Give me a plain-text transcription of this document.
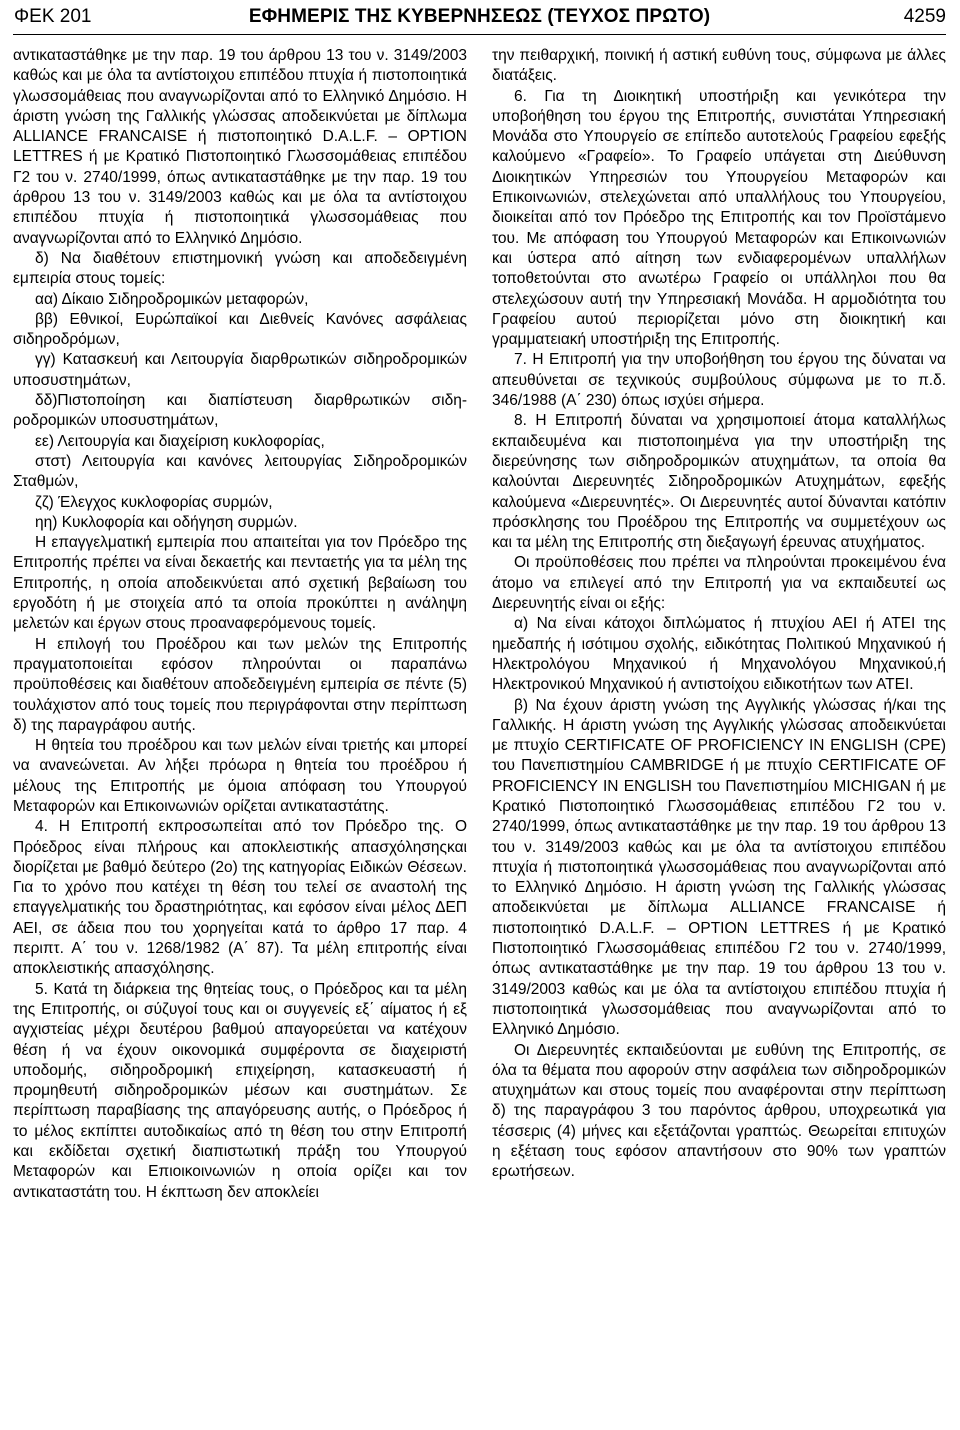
ΦΕΚ 201	ΕΦΗΜΕΡΙΣ ΤΗΣ ΚΥΒΕΡΝΗΣΕΩΣ (ΤΕΥΧΟΣ ΠΡΩΤΟ)	4259

αντικαταστάθηκε με την παρ. 19 του άρθρου 13 του ν. 3149/2003 καθώς και με όλα τα αντίστοιχου επιπέδου πτυχία ή πιστοποιητικά γλωσσομάθειας που αναγνωρίζονται από το Ελληνικό Δημόσιο. Η άριστη γνώση της Γαλλικής γλώσσας αποδεικνύεται με δίπλωμα ALLIANCE FRANCAISE ή πιστοποιητικό D.A.L.F. – OPTION LETTRES ή με Κρατικό Πιστοποιητικό Γλωσσομάθειας επιπέδου Γ2 του ν. 2740/1999, όπως αντικαταστάθηκε με την παρ. 19 του άρθρου 13 του ν. 3149/2003 καθώς και με όλα τα αντίστοιχου επιπέδου πτυχία ή πιστοποιητικά γλωσσομάθειας που αναγνωρίζονται από το Ελληνικό Δημόσιο.

δ) Να διαθέτουν επιστημονική γνώση και αποδεδειγμένη εμπειρία στους τομείς:

αα) Δίκαιο Σιδηροδρομικών μεταφορών,

ββ) Εθνικοί, Ευρώπαϊκοί και Διεθνείς Κανόνες ασφάλειας σιδηροδρόμων,

γγ) Κατασκευή και Λειτουργία διαρθρωτικών σιδηροδρομικών υποσυστημάτων,

δδ)Πιστοποίηση και διαπίστευση διαρθρωτικών σιδηροδρομικών υποσυστημάτων,

εε) Λειτουργία και διαχείριση κυκλοφορίας,

στστ) Λειτουργία και κανόνες λειτουργίας Σιδηροδρομικών Σταθμών,

ζζ) Έλεγχος κυκλοφορίας συρμών,

ηη) Κυκλοφορία και οδήγηση συρμών.

Η επαγγελματική εμπειρία που απαιτείται για τον Πρόεδρο της Επιτροπής πρέπει να είναι δεκαετής και πενταετής για τα μέλη της Επιτροπής, η οποία αποδεικνύεται από σχετική βεβαίωση του εργοδότη ή με στοιχεία από τα οποία προκύπτει η ανάληψη μελετών και έργων στους προαναφερόμενους τομείς.

Η επιλογή του Προέδρου και των μελών της Επιτροπής πραγματοποιείται εφόσον πληρούνται οι παραπάνω προϋποθέσεις και διαθέτουν αποδεδειγμένη εμπειρία σε πέντε (5) τουλάχιστον από τους τομείς που περιγράφονται στην περίπτωση δ) της παραγράφου αυτής.

Η θητεία του προέδρου και των μελών είναι τριετής και μπορεί να ανανεώνεται. Αν λήξει πρόωρα η θητεία του προέδρου ή μέλους της Επιτροπής με όμοια απόφαση του Υπουργού Μεταφορών και Επικοινωνιών ορίζεται αντικαταστάτης.

4. Η Επιτροπή εκπροσωπείται από τον Πρόεδρο της. Ο Πρόεδρος είναι πλήρους και αποκλειστικής απασχόλησηςκαι διορίζεται με βαθμό δεύτερο (2ο) της κατηγορίας Ειδικών Θέσεων. Για το χρόνο που κατέχει τη θέση του τελεί σε αναστολή της επαγγελματικής του δραστηριότητας, και εφόσον είναι μέλος ΔΕΠ ΑΕΙ, σε άδεια που του χορηγείται κατά το άρθρο 17 παρ. 4 περιπτ. Α΄ του ν. 1268/1982 (Α΄ 87). Τα μέλη επιτροπής είναι αποκλειστικής απασχόλησης.

5. Κατά τη διάρκεια της θητείας τους, ο Πρόεδρος και τα μέλη της Επιτροπής, οι σύζυγοί τους και οι συγγενείς εξ΄ αίματος ή εξ αγχιστείας μέχρι δευτέρου βαθμού απαγορεύεται να κατέχουν θέση ή να έχουν οικονομικά συμφέροντα σε διαχειριστή υποδομής, σιδηροδρομική επιχείρηση, κατασκευαστή ή προμηθευτή σιδηροδρομικών μέσων και συστημάτων. Σε περίπτωση παραβίασης της απαγόρευσης αυτής, ο Πρόεδρος ή το μέλος εκπίπτει αυτοδικαίως από τη θέση του στην Επιτροπή και εκδίδεται σχετική διαπιστωτική πράξη του Υπουργού Μεταφορών και Επιοικοινωνιών η οποία ορίζει και τον αντικαταστάτη του. Η έκπτωση δεν αποκλείει

την πειθαρχική, ποινική ή αστική ευθύνη τους, σύμφωνα με άλλες διατάξεις.

6. Για τη Διοικητική υποστήριξη και γενικότερα την υποβοήθηση του έργου της Επιτροπής, συνιστάται Υπηρεσιακή Μονάδα στο Υπουργείο σε επίπεδο αυτοτελούς Γραφείου εφεξής καλούμενο «Γραφείο». Το Γραφείο υπάγεται στη Διεύθυνση Διοικητικών Υπηρεσιών του Υπουργείου Μεταφορών και Επικοινωνιών, στελεχώνεται από υπαλλήλους του Υπουργείου, διοικείται από τον Πρόεδρο της Επιτροπής και τον Προϊστάμενο του. Με απόφαση του Υπουργού Μεταφορών και Επικοινωνιών και ύστερα από αίτηση των ενδιαφερομένων υπαλλήλων τοποθετούνται στο ανωτέρω Γραφείο οι υπάλληλοι που θα στελεχώσουν αυτή την Υπηρεσιακή Μονάδα. Η αρμοδιότητα του Γραφείου αυτού περιορίζεται μόνο στη διοικητική και γραμματειακή υποστήριξη της Επιτροπής.

7. Η Επιτροπή για την υποβοήθηση του έργου της δύναται να απευθύνεται σε τεχνικούς συμβούλους σύμφωνα με το π.δ. 346/1988 (Α΄ 230) όπως ισχύει σήμερα.

8. Η Επιτροπή δύναται να χρησιμοποιεί άτομα καταλλήλως εκπαιδευμένα και πιστοποιημένα για την υποστήριξη της διερεύνησης των σιδηροδρομικών ατυχημάτων, τα οποία θα καλούνται Διερευνητές Σιδηροδρομικών Ατυχημάτων, εφεξής καλούμενα «Διερευνητές». Οι Διερευνητές αυτοί δύνανται κατόπιν πρόσκλησης του Προέδρου της Επιτροπής να συμμετέχουν ως και τα μέλη της Επιτροπής στη διεξαγωγή έρευνας ατυχήματος.

Οι προϋποθέσεις που πρέπει να πληρούνται προκειμένου ένα άτομο να επιλεγεί από την Επιτροπή για να εκπαιδευτεί ως Διερευνητής είναι οι εξής:

α) Να είναι κάτοχοι διπλώματος ή πτυχίου ΑΕΙ ή ΑΤΕΙ της ημεδαπής ή ισότιμου σχολής, ειδικότητας Πολιτικού Μηχανικού ή Ηλεκτρολόγου Μηχανικού ή Μηχανολόγου Μηχανικού,ή Ηλεκτρονικού Μηχανικού ή αντιστοίχου ειδικοτήτων των ΑΤΕΙ.

β) Να έχουν άριστη γνώση της Αγγλικής γλώσσας ή/και της Γαλλικής. Η άριστη γνώση της Αγγλικής γλώσσας αποδεικνύεται με πτυχίο CERTIFICATE OF PROFICIENCY IN ENGLISH (CPE) του Πανεπιστημίου CAMBRIDGE ή με πτυχίο CERTIFICATE OF PROFICIENCY IN ENGLISH του Πανεπιστημίου MICHIGAN ή με Κρατικό Πιστοποιητικό Γλωσσομάθειας επιπέδου Γ2 του ν. 2740/1999, όπως αντικαταστάθηκε με την παρ. 19 του άρθρου 13 του ν. 3149/2003 καθώς και με όλα τα αντίστοιχου επιπέδου πτυχία ή πιστοποιητικά γλωσσομάθειας που αναγνωρίζονται από το Ελληνικό Δημόσιο. Η άριστη γνώση της Γαλλικής γλώσσας αποδεικνύεται με δίπλωμα ALLIANCE FRANCAISE ή πιστοποιητικό D.A.L.F. – OPTION LETTRES ή με Κρατικό Πιστοποιητικό Γλωσσομάθειας επιπέδου Γ2 του ν. 2740/1999, όπως αντικαταστάθηκε με την παρ. 19 του άρθρου 13 του ν. 3149/2003 καθώς και με όλα τα αντίστοιχου επιπέδου πτυχία ή πιστοποιητικά γλωσσομάθειας που αναγνωρίζονται από το Ελληνικό Δημόσιο.

Οι Διερευνητές εκπαιδεύονται με ευθύνη της Επιτροπής, σε όλα τα θέματα που αφορούν στην ασφάλεια των σιδηροδρομικών ατυχημάτων και στους τομείς που αναφέρονται στην περίπτωση δ) της παραγράφου 3 του παρόντος άρθρου, υποχρεωτικά για τέσσερις (4) μήνες και εξετάζονται γραπτώς. Θεωρείται επιτυχών η εξέταση τους εφόσον απαντήσουν στο 90% των γραπτών ερωτήσεων.
